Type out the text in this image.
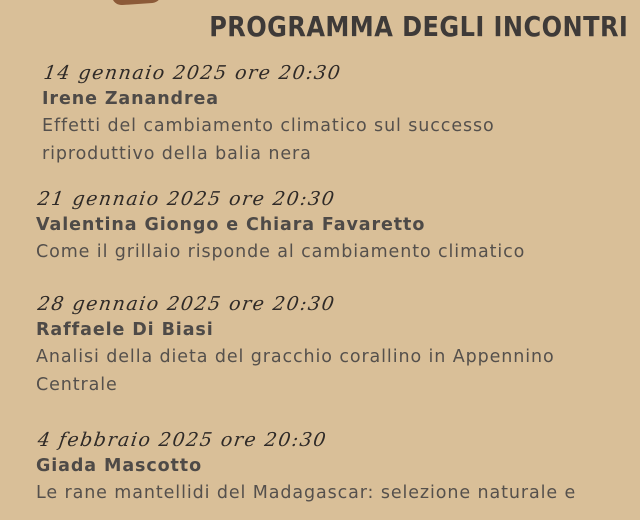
PROGRAMMA DEGLI INCONTRI
14 gennaio 2025 ore 20:30
Irene Zanandrea
Effetti del cambiamento climatico sul successo
riproduttivo della balia nera
21 gennaio 2025 ore 20:30
Valentina Giongo e Chiara Favaretto
Come il grillaio risponde al cambiamento climatico
28 gennaio 2025 ore 20:30
Raffaele Di Biasi
Analisi della dieta del gracchio corallino in Appennino
Centrale
4 febbraio 2025 ore 20:30
Giada Mascotto
Le rane mantellidi del Madagascar: selezione naturale e
